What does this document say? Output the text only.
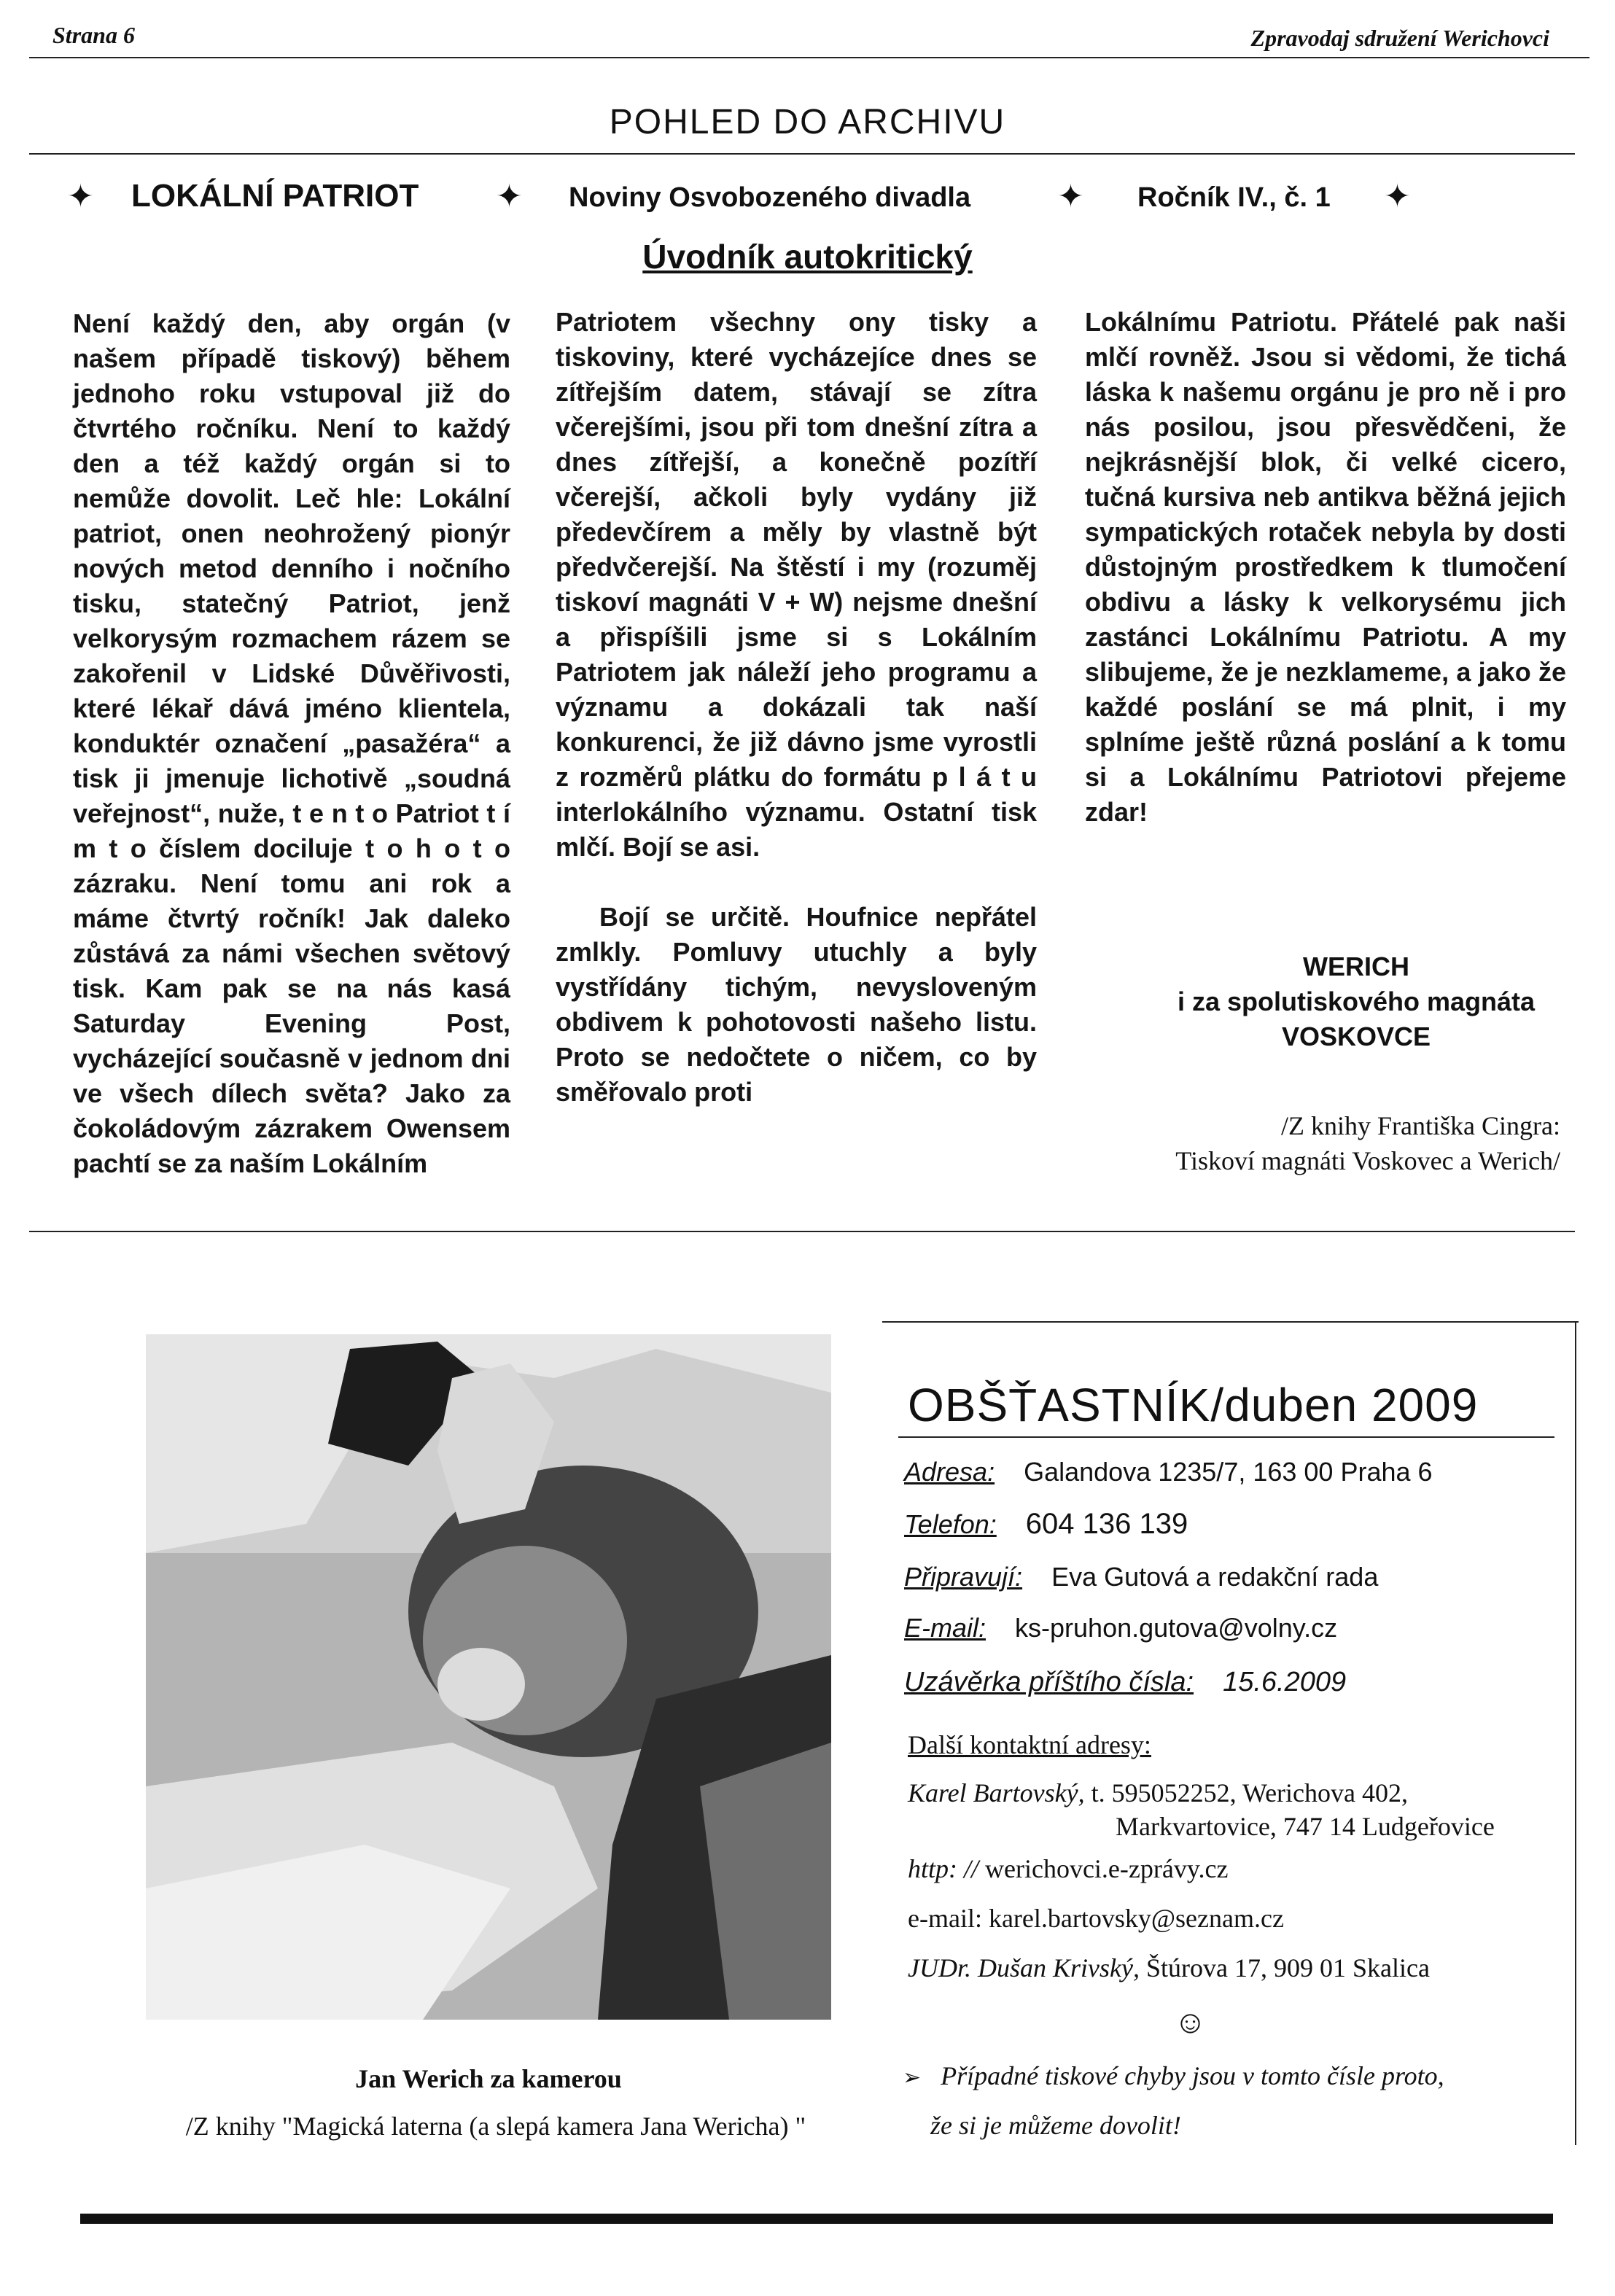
Strana 6	Zpravodaj sdružení Werichovci
POHLED DO ARCHIVU
✦ LOKÁLNÍ PATRIOT ✦ Noviny Osvobozeného divadla	✦ Ročník IV., č. 1 ✦
Úvodník autokritický

Není každý den, aby orgán (v našem případě tiskový) během jednoho roku vstupoval již do čtvrtého ročníku. Není to každý den a též každý orgán si to nemůže dovolit. Leč hle: Lokální patriot, onen neohrožený pionýr nových metod denního i nočního tisku, statečný Patriot, jenž velkorysým rozmachem rázem se zakořenil v Lidské Důvěřivosti, které lékař dává jméno klientela, konduktér označení „pasažéra“ a tisk ji jmenuje lichotivě „soudná veřejnost“, nuže, t e n t o Patriot t í m t o číslem dociluje t o h o t o zázraku. Není tomu ani rok a máme čtvrtý ročník! Jak daleko zůstává za námi všechen světový tisk. Kam pak se na nás kasá Saturday Evening Post, vycházející současně v jednom dni ve všech dílech světa? Jako za čokoládovým zázrakem Owensem pachtí se za naším Lokálním

Patriotem všechny ony tisky a tiskoviny, které vycházejíce dnes se zítřejším datem, stávají se zítra včerejšími, jsou při tom dnešní zítra a dnes zítřejší, a konečně pozítří včerejší, ačkoli byly vydány již předevčírem a měly by vlastně být předvčerejší. Na štěstí i my (rozuměj tiskoví magnáti V + W) nejsme dnešní a přispíšili jsme si s Lokálním Patriotem jak náleží jeho programu a významu a dokázali tak naší konkurenci, že již dávno jsme vyrostli z rozměrů plátku do formátu p l á t u interlokálního významu. Ostatní tisk mlčí. Bojí se asi.

Bojí se určitě. Houfnice nepřátel zmlkly. Pomluvy utuchly a byly vystřídány tichým, nevysloveným obdivem k pohotovosti našeho listu. Proto se nedočtete o ničem, co by směřovalo proti

Lokálnímu Patriotu. Přátelé pak naši mlčí rovněž. Jsou si vědomi, že tichá láska k našemu orgánu je pro ně i pro nás posilou, jsou přesvědčeni, že nejkrásnější blok, či velké cicero, tučná kursiva neb antikva běžná jejich sympatických rotaček nebyla by dosti důstojným prostředkem k tlumočení obdivu a lásky k velkorysému jich zastánci Lokálnímu Patriotu. A my slibujeme, že je nezklameme, a jako že každé poslání se má plnit, i my splníme ještě různá poslání a k tomu si a Lokálnímu Patriotovi přejeme zdar!

WERICH
i za spolutiskového magnáta
VOSKOVCE
/Z knihy Františka Cingra:
Tiskoví magnáti Voskovec a Werich/
Jan Werich za kamerou
/Z knihy "Magická laterna (a slepá kamera Jana Wericha) "
OBŠŤASTNÍK/duben 2009
Adresa: Galandova 1235/7, 163 00 Praha 6
Telefon: 604 136 139
Připravují: Eva Gutová a redakční rada
E-mail: ks-pruhon.gutova@volny.cz
Uzávěrka příštího čísla: 15.6.2009
Další kontaktní adresy:
Karel Bartovský, t. 595052252, Werichova 402,
Markvartovice, 747 14 Ludgeřovice
http: // werichovci.e-zprávy.cz
e-mail: karel.bartovsky@seznam.cz
JUDr. Dušan Krivský, Štúrova 17, 909 01 Skalica
☺
➢ Případné tiskové chyby jsou v tomto čísle proto,
že si je můžeme dovolit!
